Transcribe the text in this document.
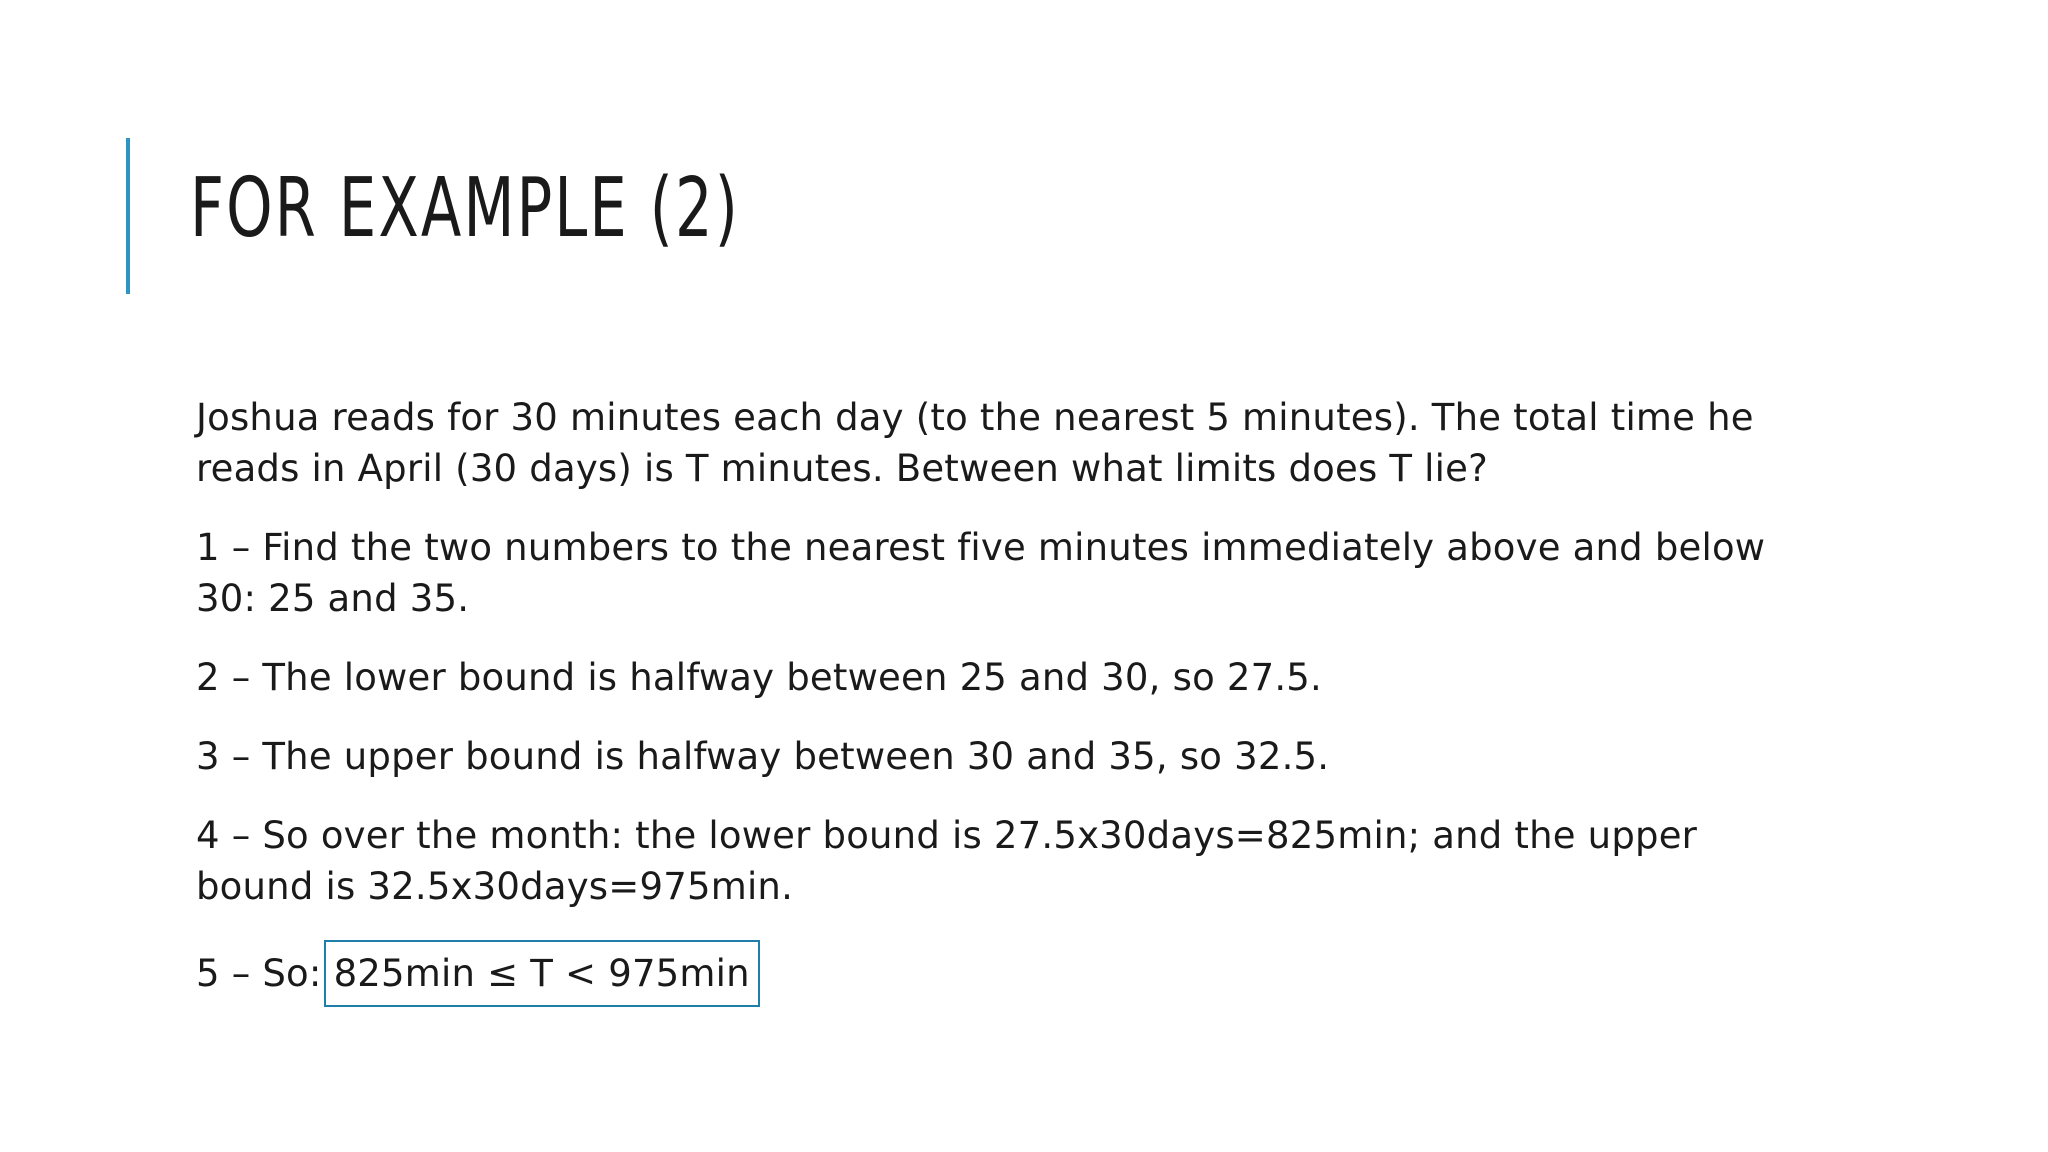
FOR EXAMPLE (2)

Joshua reads for 30 minutes each day (to the nearest 5 minutes). The total time he
reads in April (30 days) is T minutes. Between what limits does T lie?

1 – Find the two numbers to the nearest five minutes immediately above and below
30: 25 and 35.

2 – The lower bound is halfway between 25 and 30, so 27.5.

3 – The upper bound is halfway between 30 and 35, so 32.5.

4 – So over the month: the lower bound is 27.5x30days=825min; and the upper
bound is 32.5x30days=975min.

5 – So: 825min ≤ T < 975min
